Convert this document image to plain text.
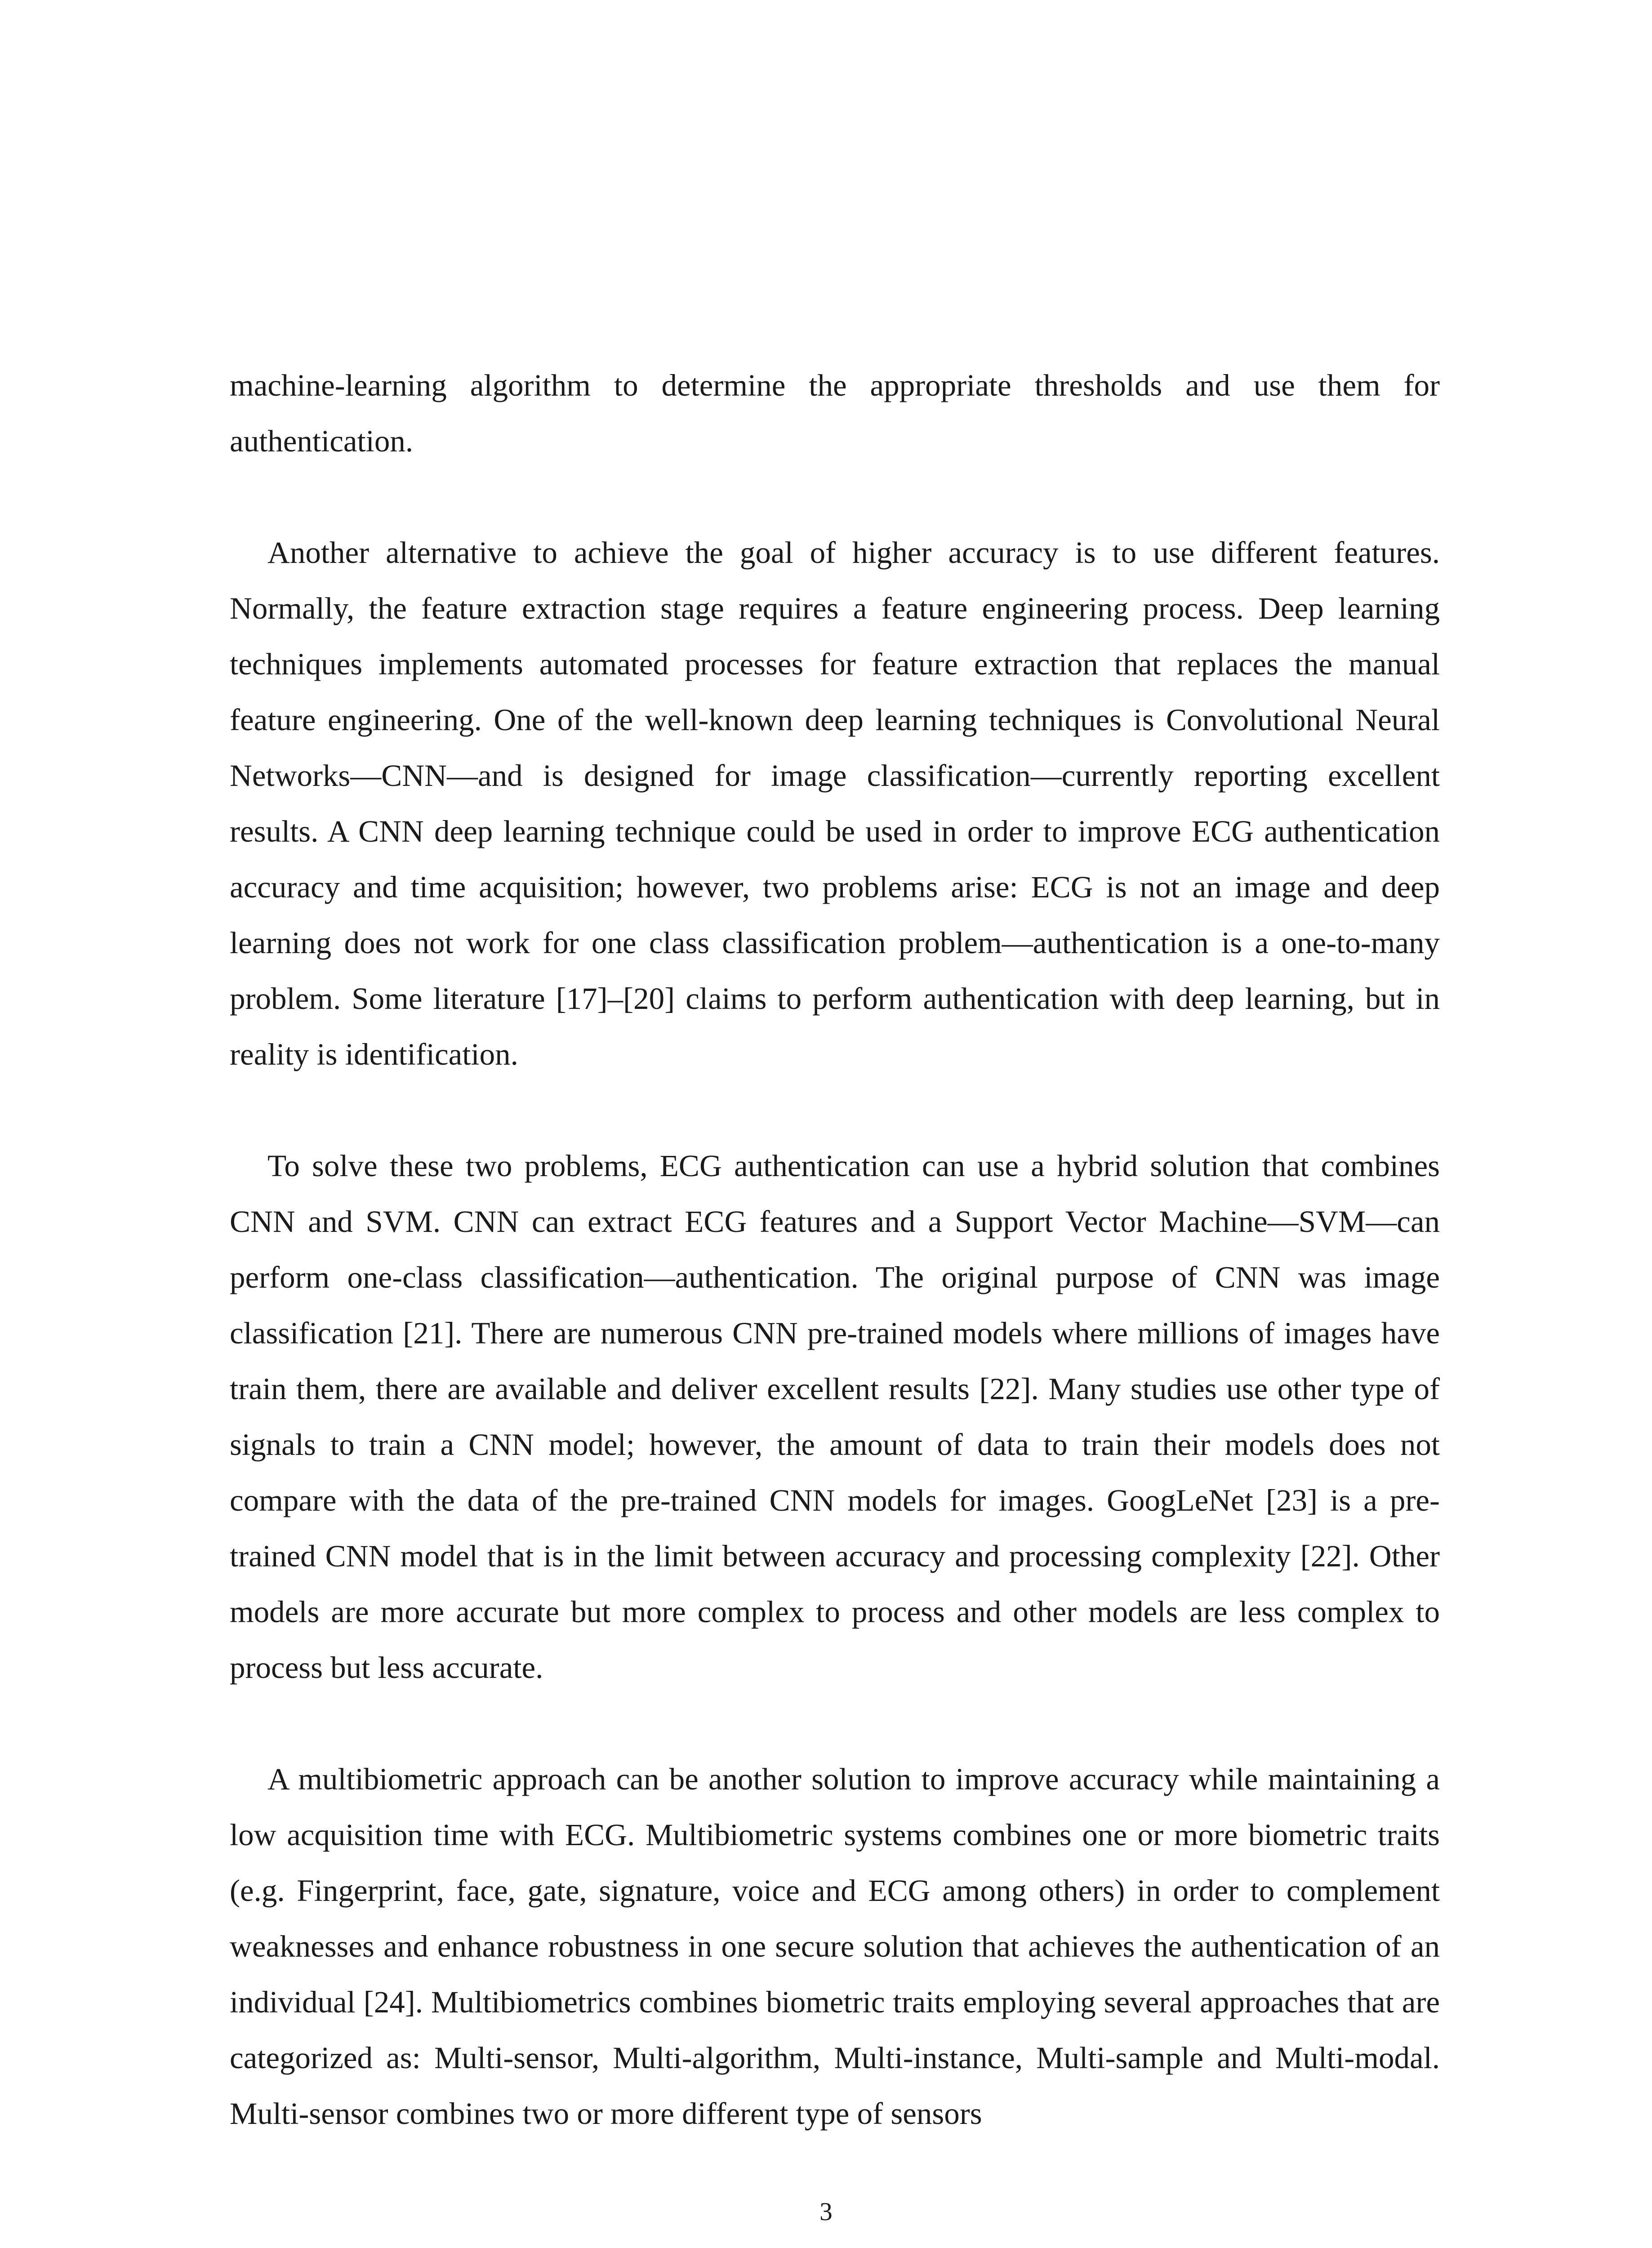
machine-learning algorithm to determine the appropriate thresholds and use them for authentication.

Another alternative to achieve the goal of higher accuracy is to use different features. Normally, the feature extraction stage requires a feature engineering process. Deep learning techniques implements automated processes for feature extraction that replaces the manual feature engineering. One of the well-known deep learning techniques is Convolutional Neural Networks—CNN—and is designed for image classification—currently reporting excellent results. A CNN deep learning technique could be used in order to improve ECG authentication accuracy and time acquisition; however, two problems arise: ECG is not an image and deep learning does not work for one class classification problem—authentication is a one-to-many problem. Some literature [17]–[20] claims to perform authentication with deep learning, but in reality is identification.

To solve these two problems, ECG authentication can use a hybrid solution that combines CNN and SVM. CNN can extract ECG features and a Support Vector Machine—SVM—can perform one-class classification—authentication. The original purpose of CNN was image classification [21]. There are numerous CNN pre-trained models where millions of images have train them, there are available and deliver excellent results [22]. Many studies use other type of signals to train a CNN model; however, the amount of data to train their models does not compare with the data of the pre-trained CNN models for images. GoogLeNet [23] is a pre-trained CNN model that is in the limit between accuracy and processing complexity [22]. Other models are more accurate but more complex to process and other models are less complex to process but less accurate.

A multibiometric approach can be another solution to improve accuracy while maintaining a low acquisition time with ECG. Multibiometric systems combines one or more biometric traits (e.g. Fingerprint, face, gate, signature, voice and ECG among others) in order to complement weaknesses and enhance robustness in one secure solution that achieves the authentication of an individual [24]. Multibiometrics combines biometric traits employing several approaches that are categorized as: Multi-sensor, Multi-algorithm, Multi-instance, Multi-sample and Multi-modal. Multi-sensor combines two or more different type of sensors

3
